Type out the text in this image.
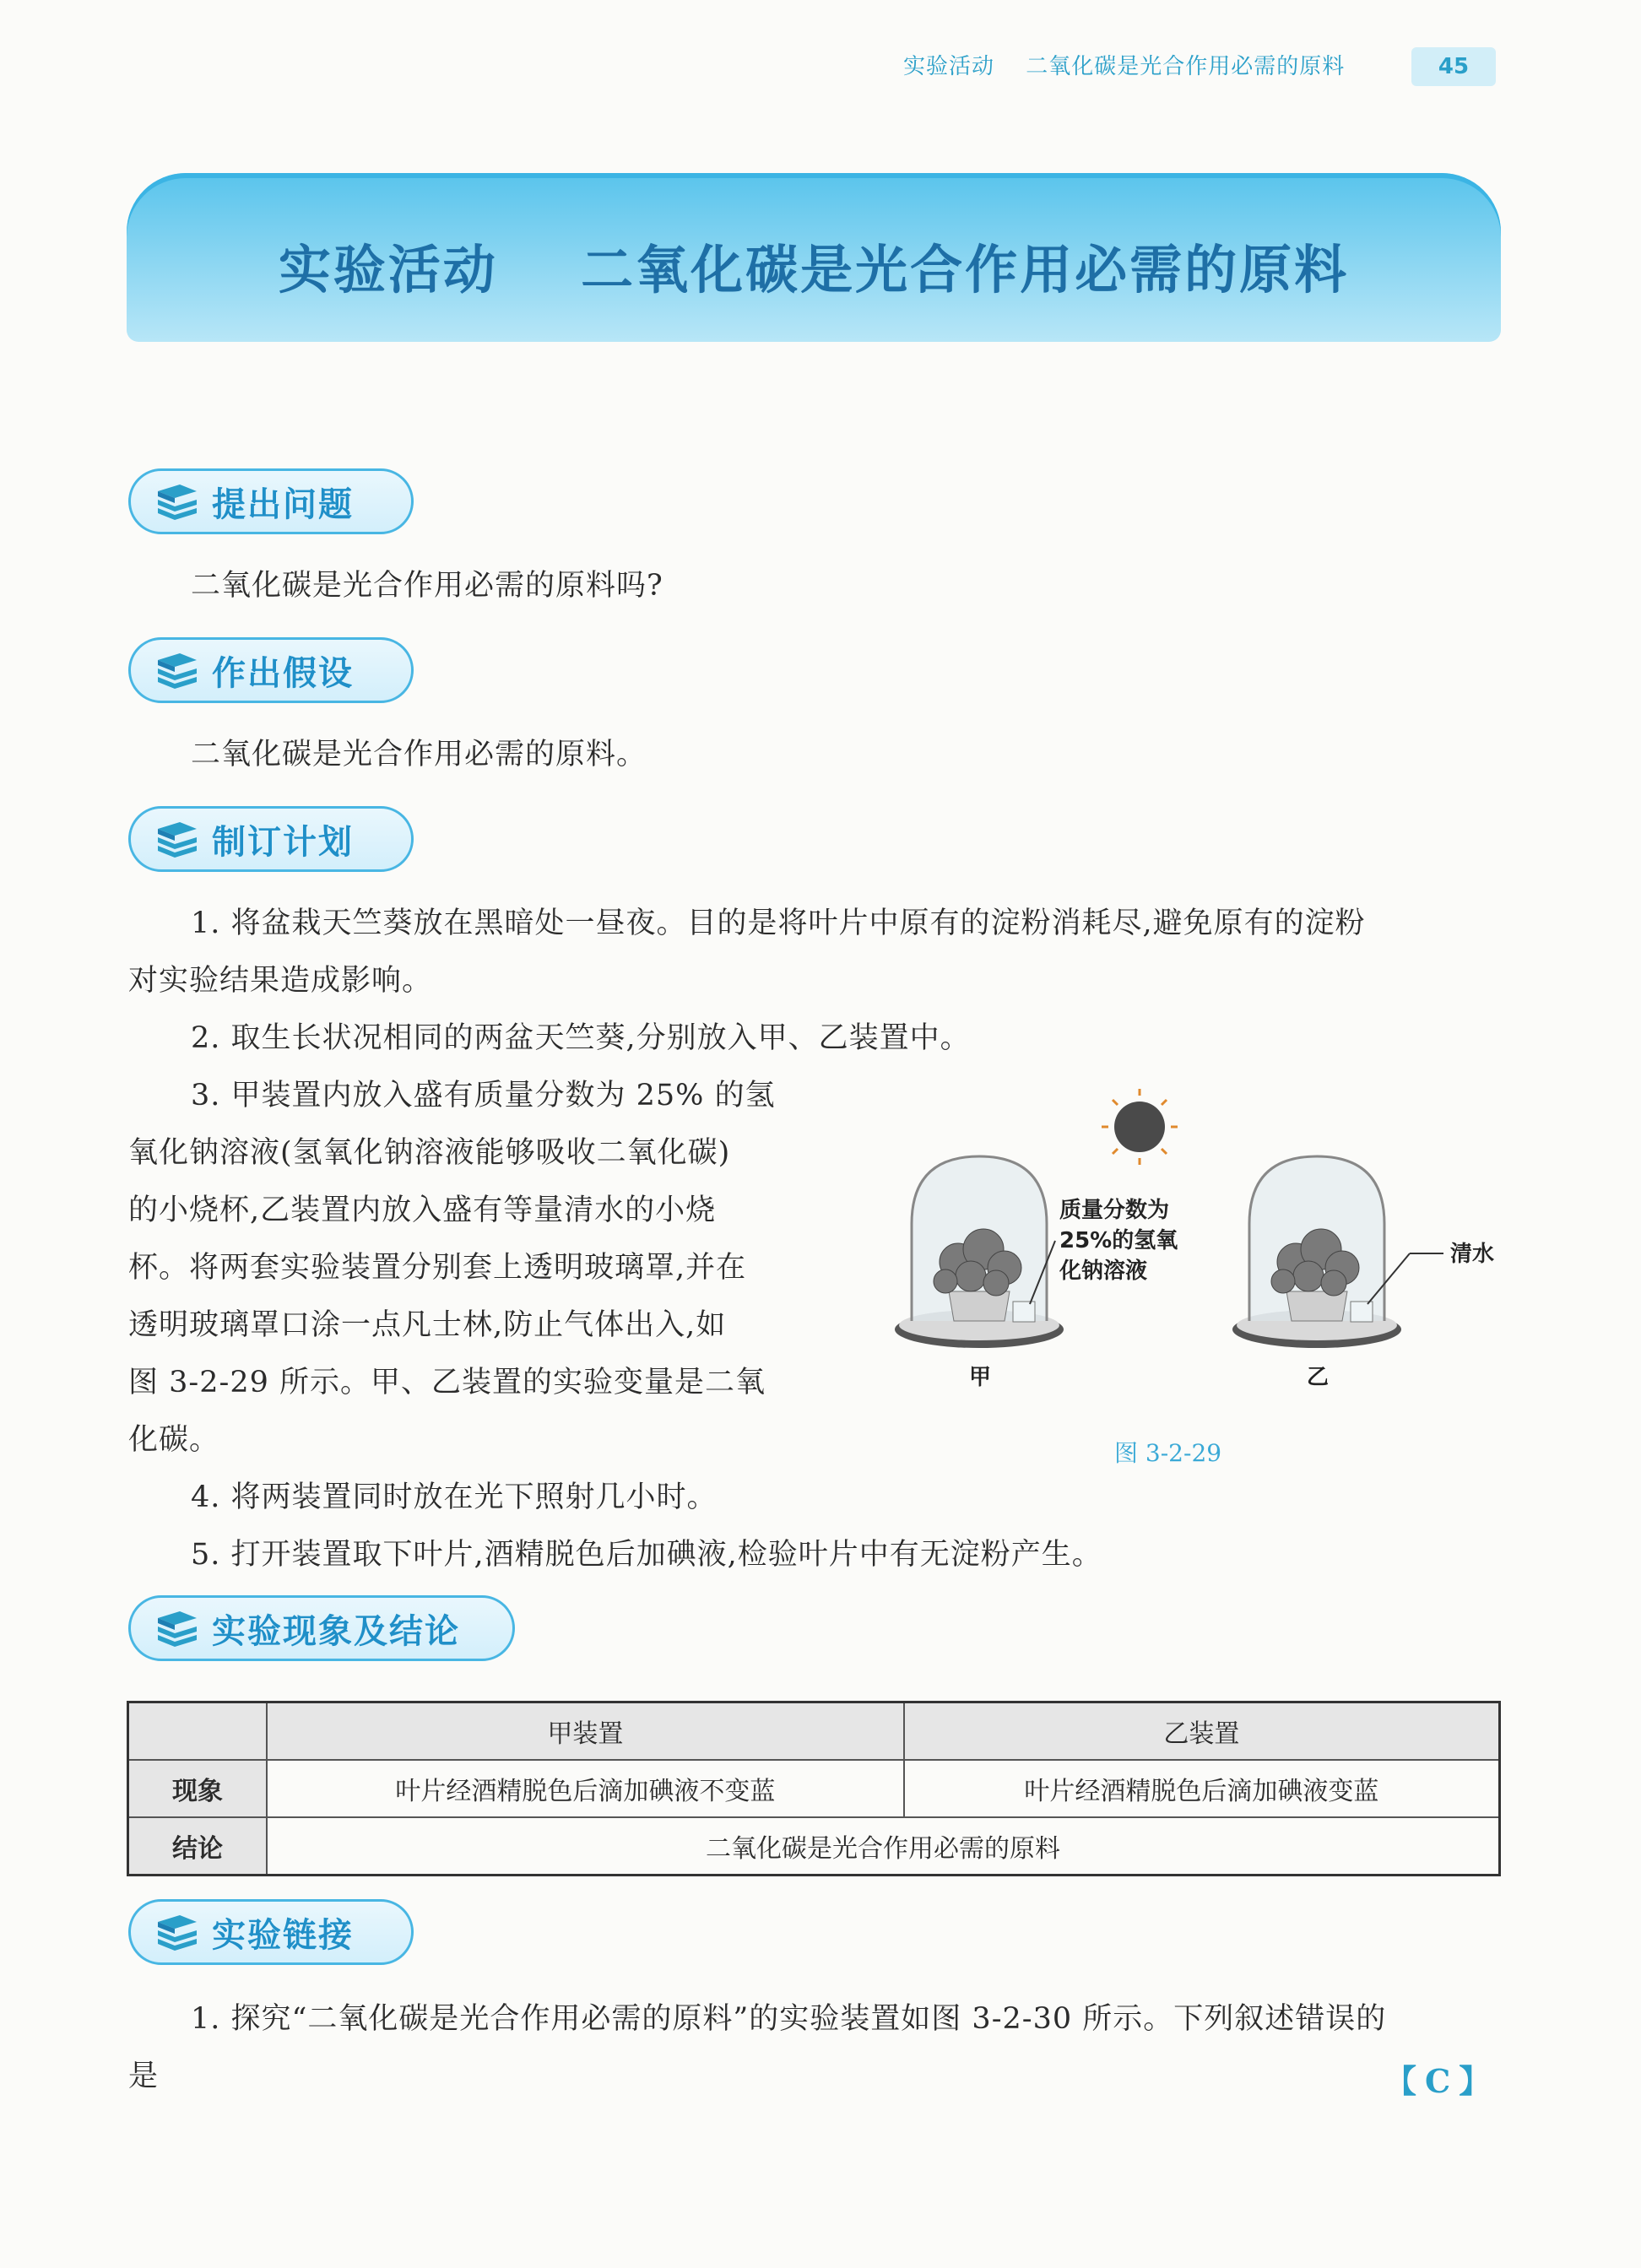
实验活动 二氧化碳是光合作用必需的原料	45
实验活动    二氧化碳是光合作用必需的原料
提出问题
二氧化碳是光合作用必需的原料吗?
作出假设
二氧化碳是光合作用必需的原料。
制订计划
1. 将盆栽天竺葵放在黑暗处一昼夜。目的是将叶片中原有的淀粉消耗尽,避免原有的淀粉
对实验结果造成影响。
2. 取生长状况相同的两盆天竺葵,分别放入甲、乙装置中。
3. 甲装置内放入盛有质量分数为 25% 的氢
氧化钠溶液(氢氧化钠溶液能够吸收二氧化碳)
的小烧杯,乙装置内放入盛有等量清水的小烧
杯。将两套实验装置分别套上透明玻璃罩,并在
透明玻璃罩口涂一点凡士林,防止气体出入,如
图 3-2-29 所示。甲、乙装置的实验变量是二氧
化碳。
4. 将两装置同时放在光下照射几小时。
5. 打开装置取下叶片,酒精脱色后加碘液,检验叶片中有无淀粉产生。
质量分数为
25%的氢氧
化钠溶液
甲
清水
乙
图 3-2-29
实验现象及结论
	甲装置	乙装置
现象	叶片经酒精脱色后滴加碘液不变蓝	叶片经酒精脱色后滴加碘液变蓝
结论	二氧化碳是光合作用必需的原料	
实验链接
1. 探究“二氧化碳是光合作用必需的原料”的实验装置如图 3-2-30 所示。下列叙述错误的
是	【C】
